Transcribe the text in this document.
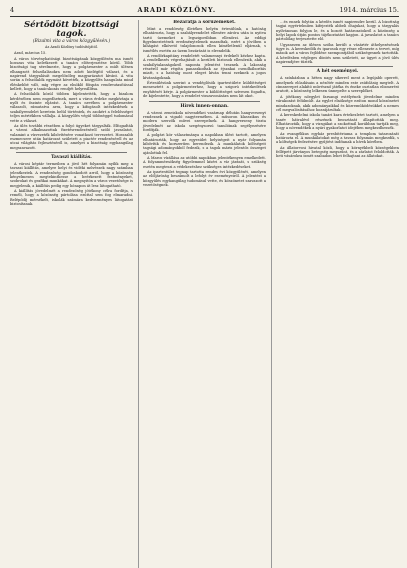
4	ARADI KÖZLÖNY.	1914. március 15.
Sértődött bizottsági tagok.
(Bizalmi vita a város közgyűlésén.)
Az Aradi Közlöny tudósítójától.

Arad, március 15.

A város törvényhatósági bizottságának közgyűlésén ma ismét hosszas vita keletkezett a tanács előterjesztése körül. Több bizottsági tag sérelmezte, hogy a polgármester a múlt ülésen elhangzott felszólalásokra nem adott kielégítő választ, és a napirend tárgyalását megelőzőleg magyarázatot kívánt. A vita során a felszólalók egymást követték, a közgyűlés hangulata mind élénkebbé vált, míg végre az elnöklő főispán rendreutasítással kellett, hogy a tanácskozás rendjét helyreállítsa.

A felszólalók közül többen kijelentették, hogy a bizalom kérdésében nem engedhetnek, mert a város érdeke megkívánja a nyílt és őszinte eljárást. A tanács nevében a polgármester válaszolt, rámutatva arra, hogy a kifogásolt intézkedések a szabályrendelet keretein belül történtek, és azokért a felelősséget teljes mértékben vállalja. A közgyűlés végül többséggel tudomásul vette a választ.

Az ülés további részében a folyó ügyeket tárgyalták. Elfogadták a városi alkalmazottak fizetésrendezéséről szóló javaslatot, valamint a vízvezeték kibővítésére vonatkozó tervezetet. Hosszabb eszmecsere után határozat született a piactér rendezéséről és az utcai világítás fejlesztéséről is, amelyet a bizottság egyhangúlag megszavazott.

Tavaszi kiállítás.

A városi képtár termeiben a jövő hét folyamán nyílik meg a tavaszi kiállítás, amelyre helyi és vidéki művészek nagy számban jelentkeztek. A rendezőség gondoskodott arról, hogy a közönség kényelmesen megtekinthesse a beérkezett festményeket, szobrokat és grafikai munkákat. A megnyitón a város vezetősége is megjelenik, a kiállítás pedig egy hónapon át lesz látogatható.

A kiállítás jövedelmét a rendezőség jótékony célra fordítja, s reméli, hogy a közönség pártolása ezúttal sem fog elmaradni. Belépődíj mérsékelt, iskolák számára kedvezményes látogatást biztosítanak.

Bezáratja a sörüzemeket.

Mint a rendőrség illetékes helyén értesülünk, a hatóság elhatározta, hogy a szabályrendelet ellenére záróra után is nyitva tartó üzemeket a legszigorúbban ellenőrzi. Az eddigi figyelmeztetések eredménytelenek maradtak, ezért a jövőben a kihágást elkövető tulajdonosok ellen kíméletlenül eljárnak, s ismétlés esetén az üzem bezárását is elrendelik.

A rendőrkapitány rendeletét valamennyi érdekelt kézhez kapta. A rendelkezés végrehajtását a kerületi biztosok ellenőrzik, akik a szabálytalanságokról naponta jelentést tesznek. A lakosság részéről már régóta panaszkodtak az éjszakai csendháborítás miatt, s a hatóság most eleget kíván tenni ezeknek a jogos kívánságoknak.

Értesülésünk szerint a vendéglősök ipartestülete küldöttséget menesztett a polgármesterhez, hogy a szigorú intézkedések enyhítését kérje. A polgármester a küldöttséget szívesen fogadta, de kijelentette, hogy a rendelet visszavonására nem lát okot.

Hírek innen-onnan.

A városi zeneiskola növendékei vasárnap délután hangversenyt rendeznek a vigadó nagytermében. A műsoron klasszikus és modern szerzők művei szerepelnek. A hangverseny tiszta jövedelmét az iskola szegénysorsú tanulóinak segélyezésére fordítják.

A polgári kör választmánya a napokban ülést tartott, amelyen elhatározták, hogy az egyesület helyiségeit a nyár folyamán kibővítik és korszerűen berendezik. A munkálatok költségeit tagsági adományokból fedezik, s a tagok máris jelentős összeget ajánlottak fel.

A Maros vízállása az utóbbi napokban jelentékenyen emelkedett. A folyammérnökség figyelemmel kíséri a víz járását, s szükség esetén megteszi a védekezéshez szükséges intézkedéseket.

Az ipartestület tegnap tartotta rendes évi közgyűlését, amelyen az elöljáróság beszámolt a lefolyt év eseményeiről. A jelentést a közgyűlés egyhangúlag tudomásul vette, és köszönetet szavazott a vezetőségnek.

…és ennek folytán a kérdés ismét napirendre kerül. A bizottság tagjai egyértelműen kifejezték abbeli óhajukat, hogy a tárgyalás nyilvánosan folyjon le, és a hozott határozatokról a közönség a helyi lapok útján pontos tájékoztatást kapjon. A javaslatot a tanács pártolólag terjesztette elő.

Ugyanezen az ülésen szóba került a vásártér áthelyezésének ügye is. A kereskedők és iparosok egy része ellenezte a tervet, míg mások azt a város fejlődése szempontjából szükségesnek tartották. A kérdésben végleges döntés nem született, az ügyet a jövő ülés napirendjére tűzték.

A hét eseményei.

A színházban a héten nagy sikerrel ment a legújabb operett, amelynek előadásain a nézőtér minden este zsúfolásig megtelt. A címszerepet alakító művésznő játéka és éneke osztatlan elismerést aratott, a közönség lelkesen ünnepelte a szereplőket.

A jótékony nőegylet farsangi estélyének jövedelme minden várakozást felülmúlt. Az egylet elnöksége ezúton mond köszönetet mindazoknak, akik adományaikkal és közreműködésükkel a nemes cél megvalósításához hozzájárultak.

A kereskedelmi iskola tanári kara értekezletet tartott, amelyen a tanév hátralévő részének beosztását állapították meg. Elhatározták, hogy a vizsgákat a szokottnál korábban tartják meg, hogy a növendékek a nyári gyakorlatot idejében megkezdhessék.

Az evangélikus egyház presbitériuma a templom tatarozását határozta el. A munkálatokat még a tavasz folyamán megkezdik, s a költségek fedezésére gyűjtést indítanak a hívek körében.

Az állatorvosi hivatal közli, hogy a környékbeli községekben fellépett járványos betegség megszűnt, és a zárlatot feloldották. A heti vásárokra ismét szabadon lehet felhajtani az állatokat.
